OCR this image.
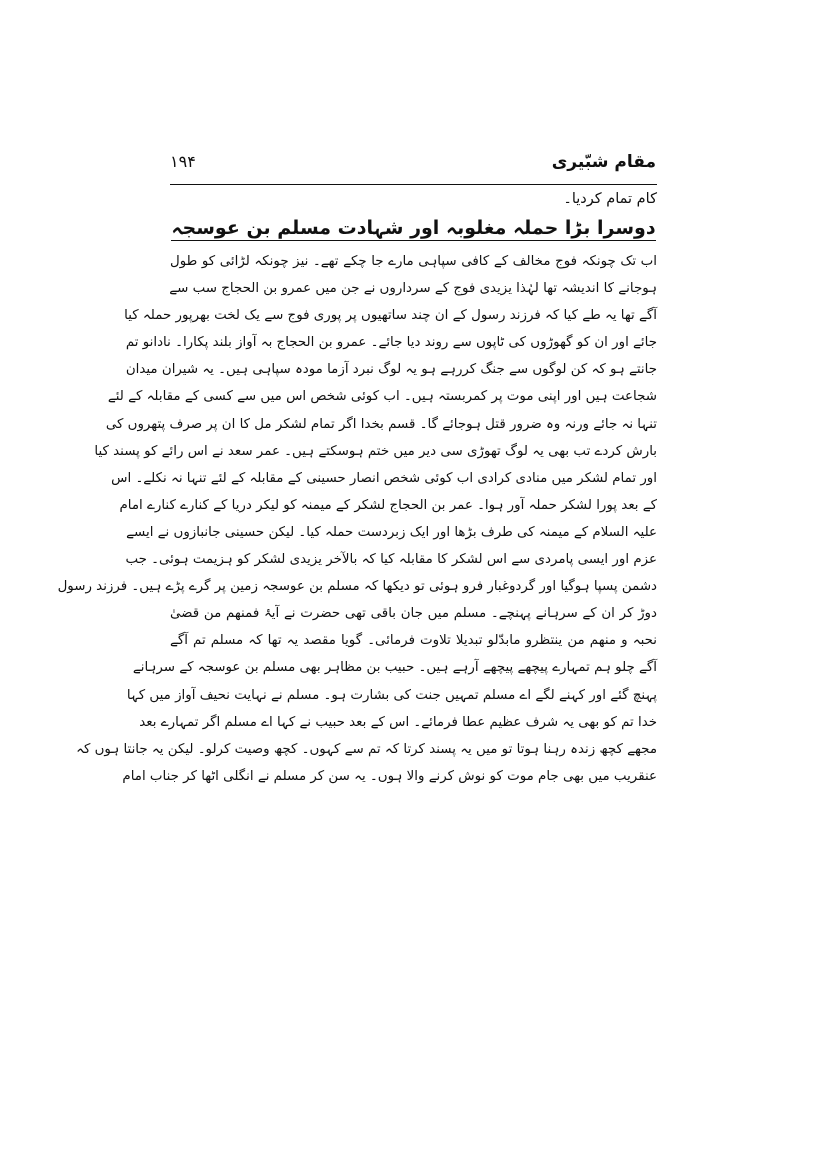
مقام شبّیری
۱۹۴
کام تمام کردیا۔
دوسرا بڑا حملہ مغلوبہ اور شہادت مسلم بن عوسجہ
اب تک چونکہ فوج مخالف کے کافی سپاہی مارے جا چکے تھے۔ نیز چونکہ لڑائی کو طول
ہوجانے کا اندیشہ تھا لہٰذا یزیدی فوج کے سرداروں نے جن میں عمرو بن الحجاج سب سے
آگے تھا یہ طے کیا کہ فرزند رسول کے ان چند ساتھیوں پر پوری فوج سے یک لخت بھرپور حملہ کیا
جائے اور ان کو گھوڑوں کی ٹاپوں سے روند دیا جائے۔ عمرو بن الحجاج بہ آواز بلند پکارا۔ نادانو تم
جانتے ہو کہ کن لوگوں سے جنگ کررہے ہو یہ لوگ نبرد آزما مودہ سپاہی ہیں۔ یہ شیران میدان
شجاعت ہیں اور اپنی موت پر کمربستہ ہیں۔ اب کوئی شخص اس میں سے کسی کے مقابلہ کے لئے
تنہا نہ جائے ورنہ وہ ضرور قتل ہوجائے گا۔ قسم بخدا اگر تمام لشکر مل کا ان پر صرف پتھروں کی
بارش کردے تب بھی یہ لوگ تھوڑی سی دیر میں ختم ہوسکتے ہیں۔ عمر سعد نے اس رائے کو پسند کیا
اور تمام لشکر میں منادی کرادی اب کوئی شخص انصار حسینی کے مقابلہ کے لئے تنہا نہ نکلے۔ اس
کے بعد پورا لشکر حملہ آور ہوا۔ عمر بن الحجاج لشکر کے میمنہ کو لیکر دریا کے کنارے کنارے امام
علیہ السلام کے میمنہ کی طرف بڑھا اور ایک زبردست حملہ کیا۔ لیکن حسینی جانبازوں نے ایسے
عزم اور ایسی پامردی سے اس لشکر کا مقابلہ کیا کہ بالآخر یزیدی لشکر کو ہزیمت ہوئی۔ جب
دشمن پسپا ہوگیا اور گردوغبار فرو ہوئی تو دیکھا کہ مسلم بن عوسجہ زمین پر گرے پڑے ہیں۔ فرزند رسول
دوڑ کر ان کے سرہانے پہنچے۔ مسلم میں جان باقی تھی حضرت نے آیۂ فمنھم من قضیٰ
نحبہ و منھم من ینتظرو مابدّلو تبدیلا تلاوت فرمائی۔ گویا مقصد یہ تھا کہ مسلم تم آگے
آگے چلو ہم تمہارے پیچھے پیچھے آرہے ہیں۔ حبیب بن مظاہر بھی مسلم بن عوسجہ کے سرہانے
پہنچ گئے اور کہنے لگے اے مسلم تمہیں جنت کی بشارت ہو۔ مسلم نے نہایت نحیف آواز میں کہا
خدا تم کو بھی یہ شرف عظیم عطا فرمائے۔ اس کے بعد حبیب نے کہا اے مسلم اگر تمہارے بعد
مجھے کچھ زندہ رہنا ہوتا تو میں یہ پسند کرتا کہ تم سے کہوں۔ کچھ وصیت کرلو۔ لیکن یہ جانتا ہوں کہ
عنقریب میں بھی جام موت کو نوش کرنے والا ہوں۔ یہ سن کر مسلم نے انگلی اٹھا کر جناب امام
